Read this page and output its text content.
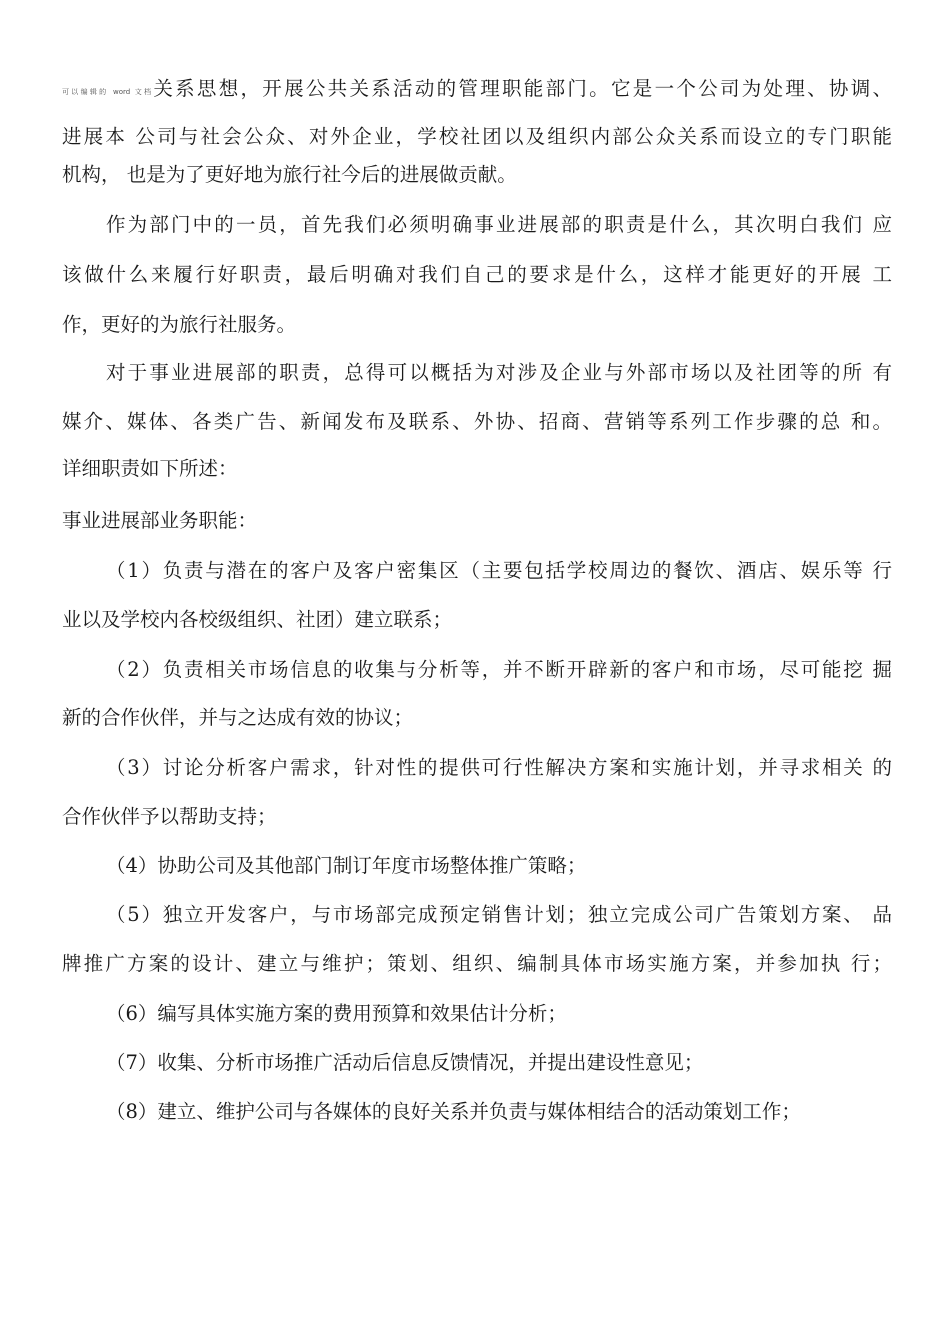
可以编辑的 word 文档关系思想，开展公共关系活动的管理职能部门。它是一个公司为处理、协调、
进展本 公司与社会公众、对外企业，学校社团以及组织内部公众关系而设立的专门职能
机构， 也是为了更好地为旅行社今后的进展做贡献。
作为部门中的一员，首先我们必须明确事业进展部的职责是什么，其次明白我们 应
该做什么来履行好职责，最后明确对我们自己的要求是什么，这样才能更好的开展 工
作，更好的为旅行社服务。
对于事业进展部的职责，总得可以概括为对涉及企业与外部市场以及社团等的所 有
媒介、媒体、各类广告、新闻发布及联系、外协、招商、营销等系列工作步骤的总 和。
详细职责如下所述：
事业进展部业务职能：
（1）负责与潜在的客户及客户密集区（主要包括学校周边的餐饮、酒店、娱乐等 行
业以及学校内各校级组织、社团）建立联系；
（2）负责相关市场信息的收集与分析等，并不断开辟新的客户和市场，尽可能挖 掘
新的合作伙伴，并与之达成有效的协议；
（3）讨论分析客户需求，针对性的提供可行性解决方案和实施计划，并寻求相关 的
合作伙伴予以帮助支持；
（4）协助公司及其他部门制订年度市场整体推广策略；
（5）独立开发客户，与市场部完成预定销售计划；独立完成公司广告策划方案、 品
牌推广方案的设计、建立与维护；策划、组织、编制具体市场实施方案，并参加执 行；
（6）编写具体实施方案的费用预算和效果估计分析；
（7）收集、分析市场推广活动后信息反馈情况，并提出建设性意见；
（8）建立、维护公司与各媒体的良好关系并负责与媒体相结合的活动策划工作；
